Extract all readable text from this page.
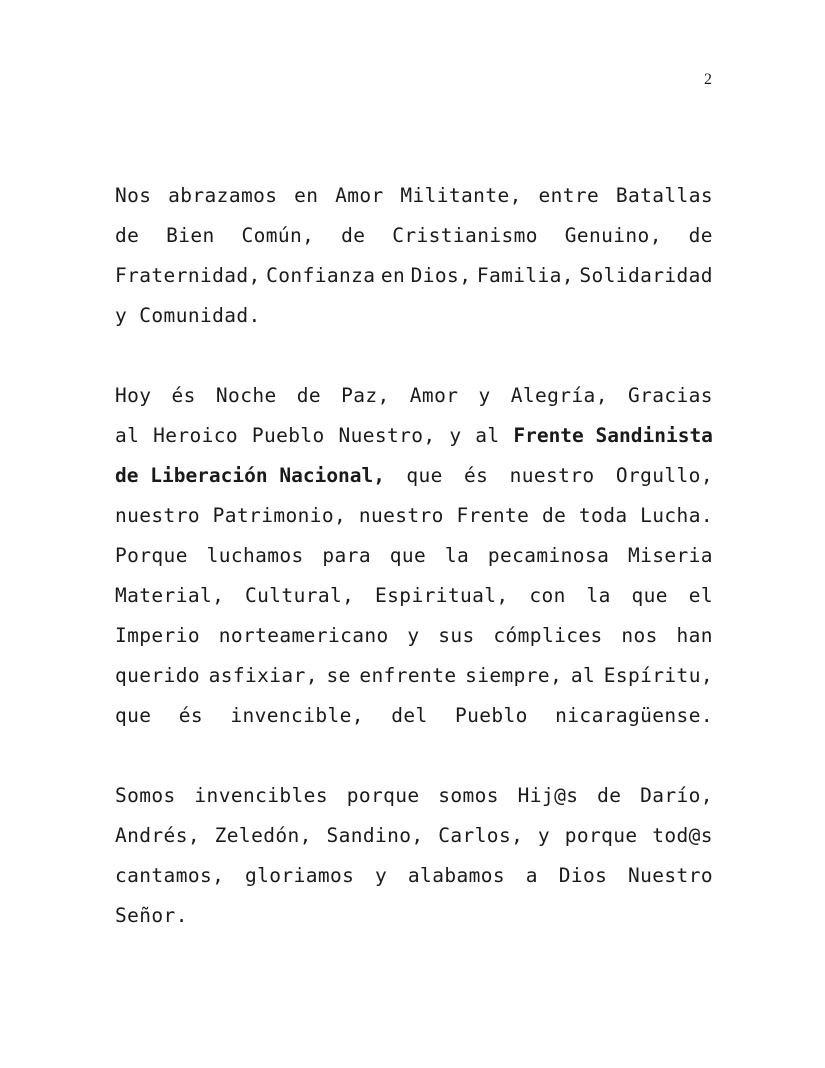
2
Nos abrazamos en Amor Militante, entre Batallas
de Bien Común, de Cristianismo Genuino, de
Fraternidad, Confianza en Dios, Familia, Solidaridad
y Comunidad.
Hoy és Noche de Paz, Amor y Alegría, Gracias
al Heroico Pueblo Nuestro, y al Frente Sandinista
de Liberación Nacional, que és nuestro Orgullo,
nuestro Patrimonio, nuestro Frente de toda Lucha.
Porque luchamos para que la pecaminosa Miseria
Material, Cultural, Espiritual, con la que el
Imperio norteamericano y sus cómplices nos han
querido asfixiar, se enfrente siempre, al Espíritu,
que és invencible, del Pueblo nicaragüense.
Somos invencibles porque somos Hij@s de Darío,
Andrés, Zeledón, Sandino, Carlos, y porque tod@s
cantamos, gloriamos y alabamos a Dios Nuestro
Señor.
